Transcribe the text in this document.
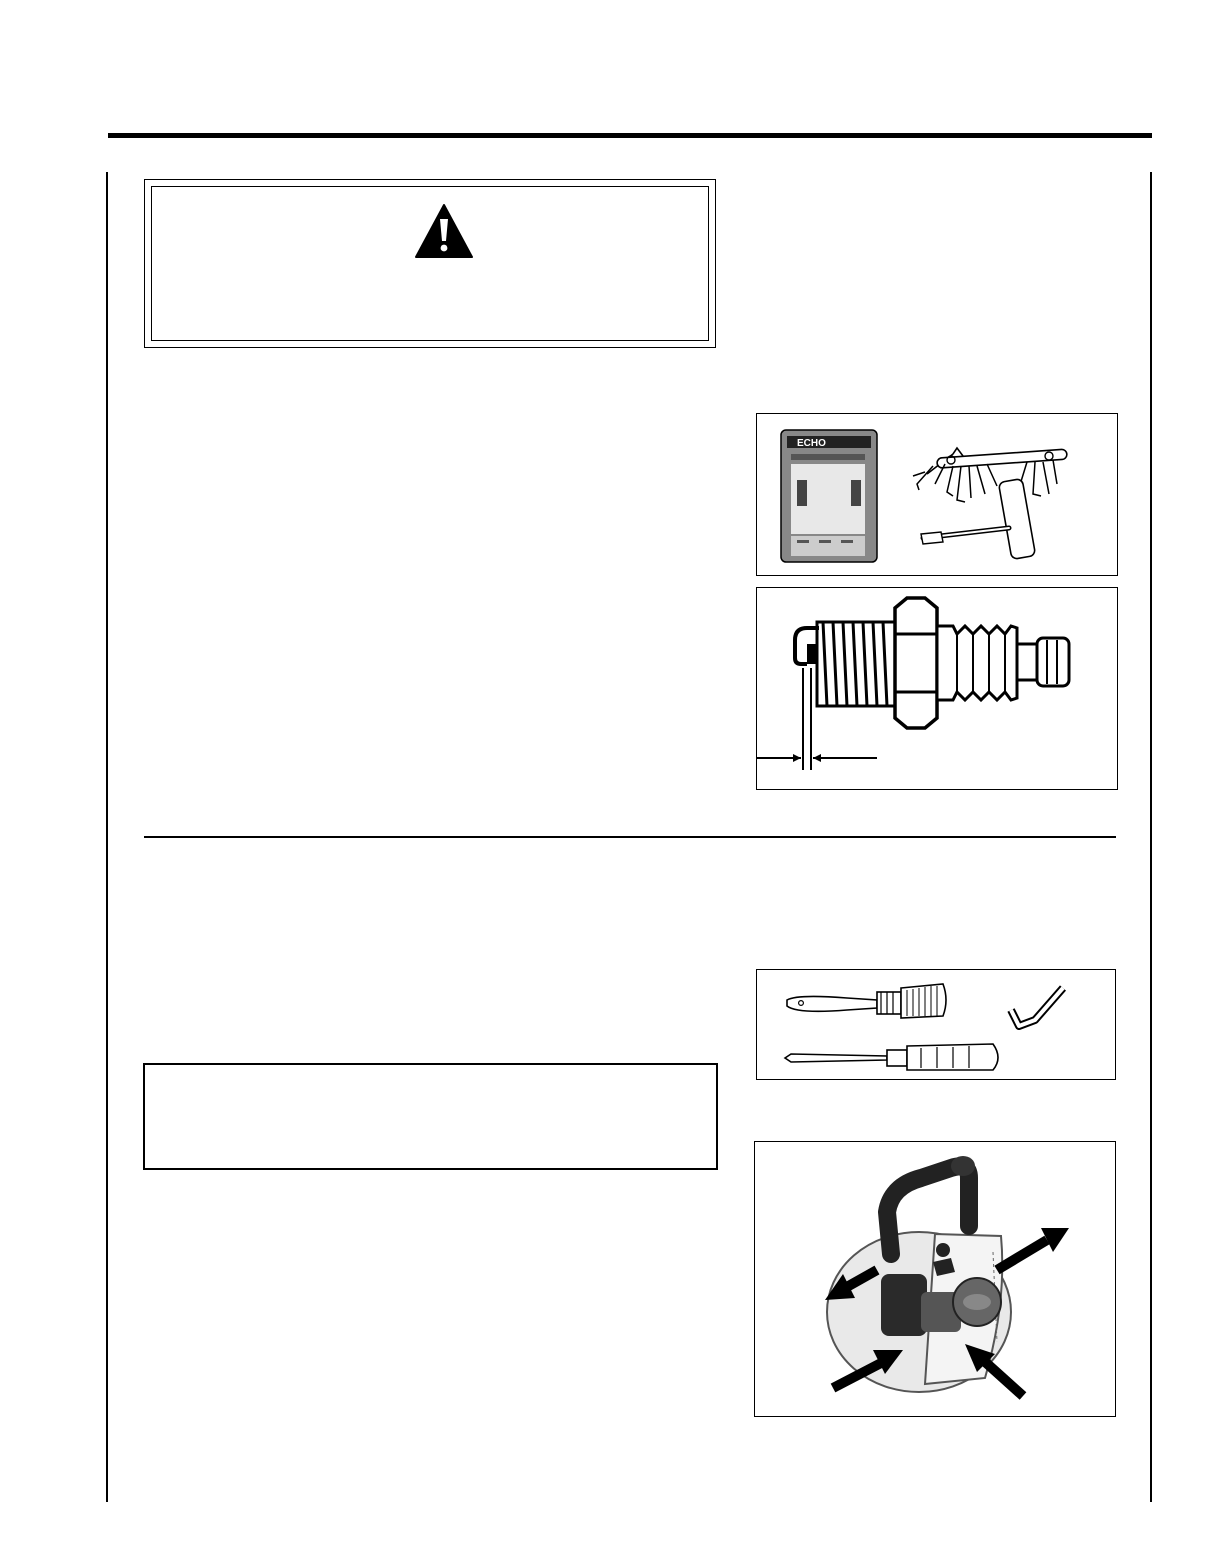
ECHO
